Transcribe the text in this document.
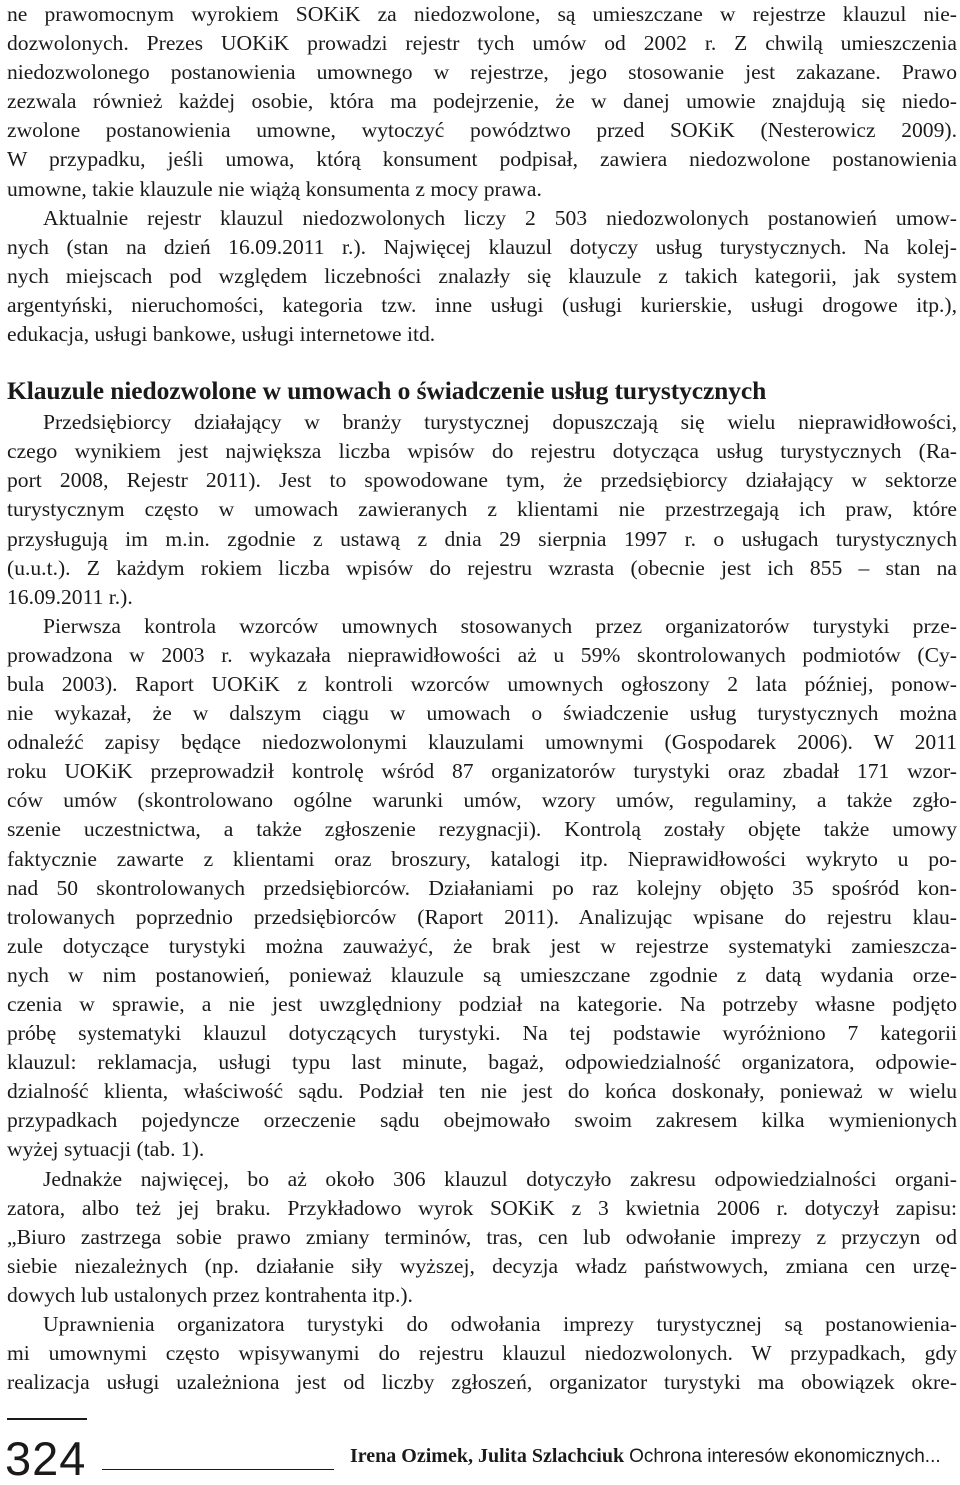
ne prawomocnym wyrokiem SOKiK za niedozwolone, są umieszczane w rejestrze klauzul nie-
dozwolonych. Prezes UOKiK prowadzi rejestr tych umów od 2002 r. Z chwilą umieszczenia
niedozwolonego postanowienia umownego w rejestrze, jego stosowanie jest zakazane. Prawo
zezwala również każdej osobie, która ma podejrzenie, że w danej umowie znajdują się niedo-
zwolone postanowienia umowne, wytoczyć powództwo przed SOKiK (Nesterowicz 2009).
W przypadku, jeśli umowa, którą konsument podpisał, zawiera niedozwolone postanowienia
umowne, takie klauzule nie wiążą konsumenta z mocy prawa.
Aktualnie rejestr klauzul niedozwolonych liczy 2 503 niedozwolonych postanowień umow-
nych (stan na dzień 16.09.2011 r.). Najwięcej klauzul dotyczy usług turystycznych. Na kolej-
nych miejscach pod względem liczebności znalazły się klauzule z takich kategorii, jak system
argentyński, nieruchomości, kategoria tzw. inne usługi (usługi kurierskie, usługi drogowe itp.),
edukacja, usługi bankowe, usługi internetowe itd.
Klauzule niedozwolone w umowach o świadczenie usług turystycznych
Przedsiębiorcy działający w branży turystycznej dopuszczają się wielu nieprawidłowości,
czego wynikiem jest największa liczba wpisów do rejestru dotycząca usług turystycznych (Ra-
port 2008, Rejestr 2011). Jest to spowodowane tym, że przedsiębiorcy działający w sektorze
turystycznym często w umowach zawieranych z klientami nie przestrzegają ich praw, które
przysługują im m.in. zgodnie z ustawą z dnia 29 sierpnia 1997 r. o usługach turystycznych
(u.u.t.). Z każdym rokiem liczba wpisów do rejestru wzrasta (obecnie jest ich 855 – stan na
16.09.2011 r.).
Pierwsza kontrola wzorców umownych stosowanych przez organizatorów turystyki prze-
prowadzona w 2003 r. wykazała nieprawidłowości aż u 59% skontrolowanych podmiotów (Cy-
bula 2003). Raport UOKiK z kontroli wzorców umownych ogłoszony 2 lata później, ponow-
nie wykazał, że w dalszym ciągu w umowach o świadczenie usług turystycznych można
odnaleźć zapisy będące niedozwolonymi klauzulami umownymi (Gospodarek 2006). W 2011
roku UOKiK przeprowadził kontrolę wśród 87 organizatorów turystyki oraz zbadał 171 wzor-
ców umów (skontrolowano ogólne warunki umów, wzory umów, regulaminy, a także zgło-
szenie uczestnictwa, a także zgłoszenie rezygnacji). Kontrolą zostały objęte także umowy
faktycznie zawarte z klientami oraz broszury, katalogi itp. Nieprawidłowości wykryto u po-
nad 50 skontrolowanych przedsiębiorców. Działaniami po raz kolejny objęto 35 spośród kon-
trolowanych poprzednio przedsiębiorców (Raport 2011). Analizując wpisane do rejestru klau-
zule dotyczące turystyki można zauważyć, że brak jest w rejestrze systematyki zamieszcza-
nych w nim postanowień, ponieważ klauzule są umieszczane zgodnie z datą wydania orze-
czenia w sprawie, a nie jest uwzględniony podział na kategorie. Na potrzeby własne podjęto
próbę systematyki klauzul dotyczących turystyki. Na tej podstawie wyróżniono 7 kategorii
klauzul: reklamacja, usługi typu last minute, bagaż, odpowiedzialność organizatora, odpowie-
dzialność klienta, właściwość sądu. Podział ten nie jest do końca doskonały, ponieważ w wielu
przypadkach pojedyncze orzeczenie sądu obejmowało swoim zakresem kilka wymienionych
wyżej sytuacji (tab. 1).
Jednakże najwięcej, bo aż około 306 klauzul dotyczyło zakresu odpowiedzialności organi-
zatora, albo też jej braku. Przykładowo wyrok SOKiK z 3 kwietnia 2006 r. dotyczył zapisu:
„Biuro zastrzega sobie prawo zmiany terminów, tras, cen lub odwołanie imprezy z przyczyn od
siebie niezależnych (np. działanie siły wyższej, decyzja władz państwowych, zmiana cen urzę-
dowych lub ustalonych przez kontrahenta itp.).
Uprawnienia organizatora turystyki do odwołania imprezy turystycznej są postanowienia-
mi umownymi często wpisywanymi do rejestru klauzul niedozwolonych. W przypadkach, gdy
realizacja usługi uzależniona jest od liczby zgłoszeń, organizator turystyki ma obowiązek okre-
324	Irena Ozimek, Julita Szlachciuk Ochrona interesów ekonomicznych...
